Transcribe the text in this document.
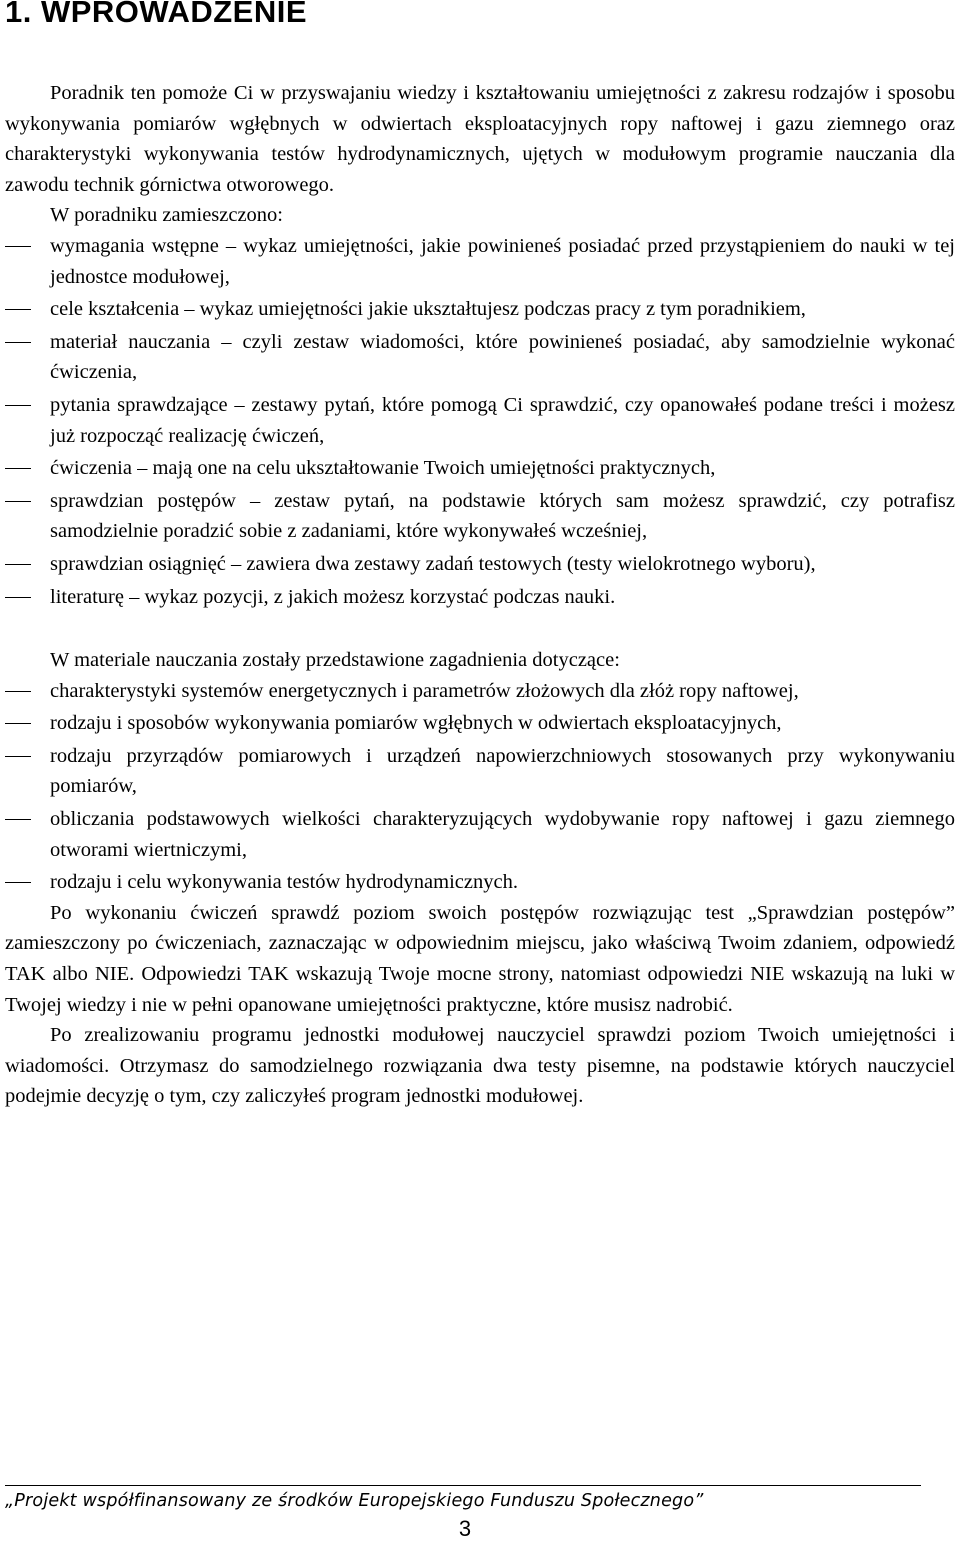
1. WPROWADZENIE

Poradnik ten pomoże Ci w przyswajaniu wiedzy i kształtowaniu umiejętności z zakresu rodzajów i sposobu wykonywania pomiarów wgłębnych w odwiertach eksploatacyjnych ropy naftowej i gazu ziemnego oraz charakterystyki wykonywania testów hydrodynamicznych, ujętych w modułowym programie nauczania dla zawodu technik górnictwa otworowego.

W poradniku zamieszczono:

wymagania wstępne – wykaz umiejętności, jakie powinieneś posiadać przed przystąpieniem do nauki w tej jednostce modułowej,
cele kształcenia – wykaz umiejętności jakie ukształtujesz podczas pracy z tym poradnikiem,
materiał nauczania – czyli zestaw wiadomości, które powinieneś posiadać, aby samodzielnie wykonać ćwiczenia,
pytania sprawdzające – zestawy pytań, które pomogą Ci sprawdzić, czy opanowałeś podane treści i możesz już rozpocząć realizację ćwiczeń,
ćwiczenia – mają one na celu ukształtowanie Twoich umiejętności praktycznych,
sprawdzian postępów – zestaw pytań, na podstawie których sam możesz sprawdzić, czy potrafisz samodzielnie poradzić sobie z zadaniami, które wykonywałeś wcześniej,
sprawdzian osiągnięć – zawiera dwa zestawy zadań testowych (testy wielokrotnego wyboru),
literaturę – wykaz pozycji, z jakich możesz korzystać podczas nauki.

W materiale nauczania zostały przedstawione zagadnienia dotyczące:

charakterystyki systemów energetycznych i parametrów złożowych dla złóż ropy naftowej,
rodzaju i sposobów wykonywania pomiarów wgłębnych w odwiertach eksploatacyjnych,
rodzaju przyrządów pomiarowych i urządzeń napowierzchniowych stosowanych przy wykonywaniu pomiarów,
obliczania podstawowych wielkości charakteryzujących wydobywanie ropy naftowej i gazu ziemnego otworami wiertniczymi,
rodzaju i celu wykonywania testów hydrodynamicznych.

Po wykonaniu ćwiczeń sprawdź poziom swoich postępów rozwiązując test „Sprawdzian postępów” zamieszczony po ćwiczeniach, zaznaczając w odpowiednim miejscu, jako właściwą Twoim zdaniem, odpowiedź TAK albo NIE. Odpowiedzi TAK wskazują Twoje mocne strony, natomiast odpowiedzi NIE wskazują na luki w Twojej wiedzy i nie w pełni opanowane umiejętności praktyczne, które musisz nadrobić.

Po zrealizowaniu programu jednostki modułowej nauczyciel sprawdzi poziom Twoich umiejętności i wiadomości. Otrzymasz do samodzielnego rozwiązania dwa testy pisemne, na podstawie których nauczyciel podejmie decyzję o tym, czy zaliczyłeś program jednostki modułowej.

„Projekt współfinansowany ze środków Europejskiego Funduszu Społecznego”
3
